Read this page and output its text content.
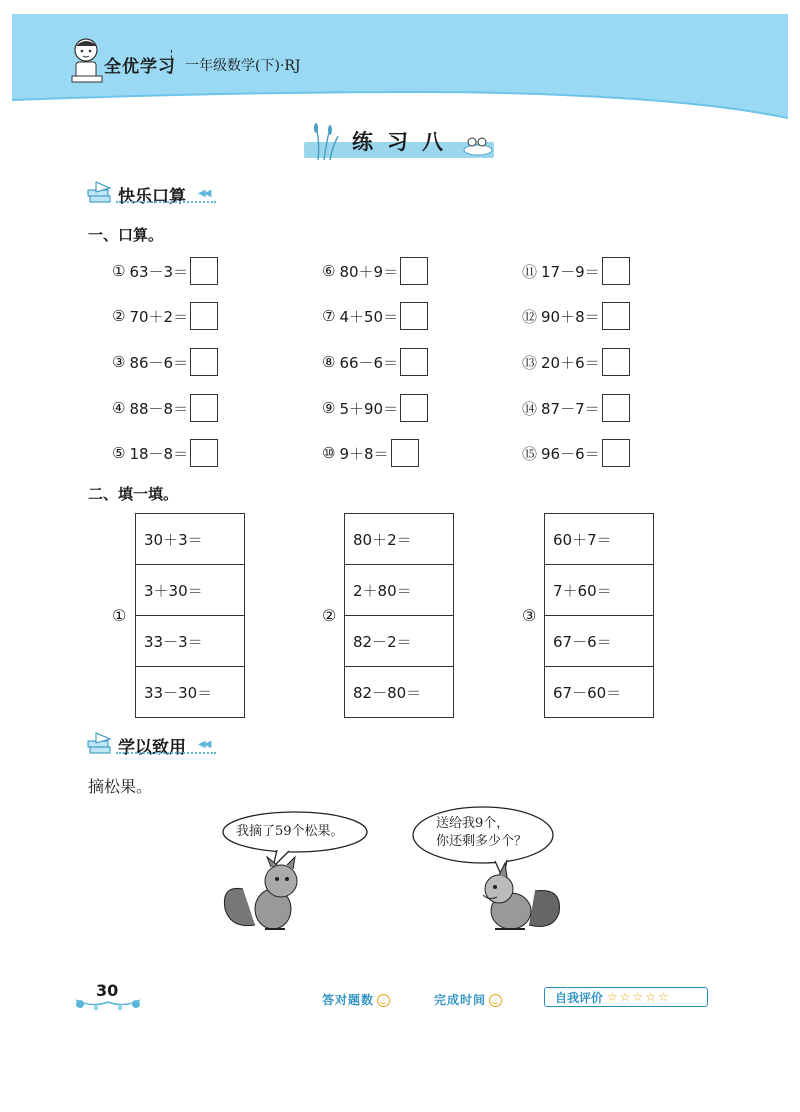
全优学习 一年级数学(下)·RJ
练习八
快乐口算 ◀◀
一、口算。
① 63－3＝
② 70＋2＝
③ 86－6＝
④ 88－8＝
⑤ 18－8＝
⑥ 80＋9＝
⑦ 4＋50＝
⑧ 66－6＝
⑨ 5＋90＝
⑩ 9＋8＝
⑪ 17－9＝
⑫ 90＋8＝
⑬ 20＋6＝
⑭ 87－7＝
⑮ 96－6＝
二、填一填。
①
30＋3＝
3＋30＝
33－3＝
33－30＝
②
80＋2＝
2＋80＝
82－2＝
82－80＝
③
60＋7＝
7＋60＝
67－6＝
67－60＝
学以致用 ◀◀
摘松果。
我摘了59个松果。
送给我9个，
你还剩多少个？
30	答对题数	完成时间	自我评价 ☆☆☆☆☆
